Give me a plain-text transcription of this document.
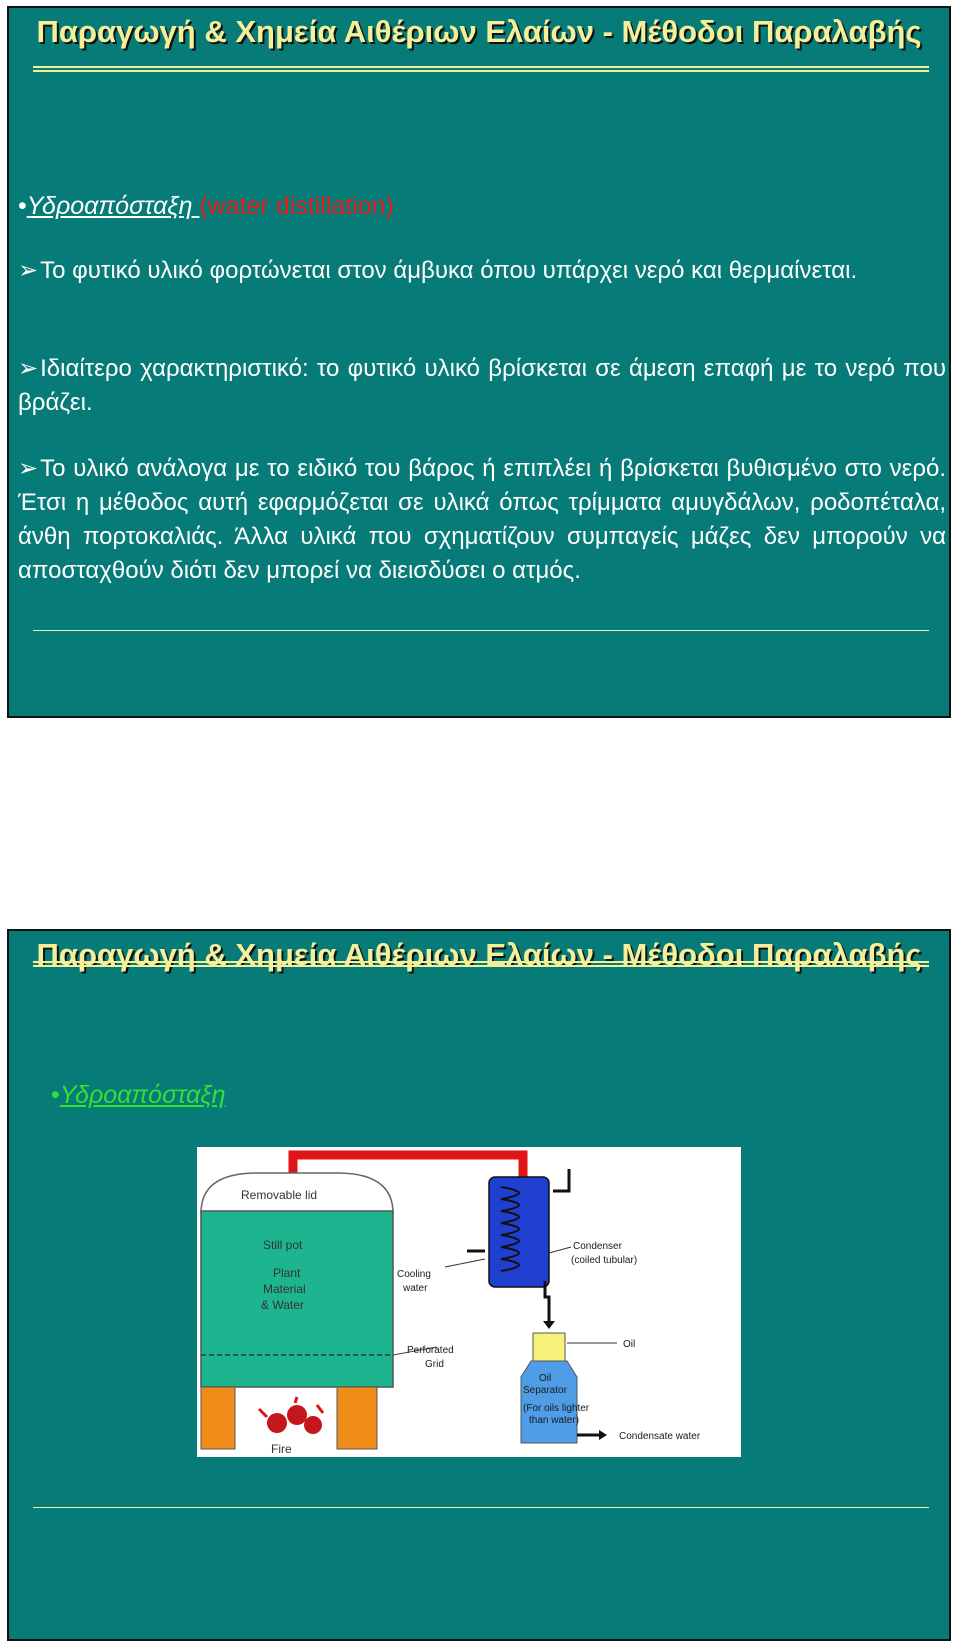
Παραγωγή & Χημεία Αιθέριων Ελαίων - Μέθοδοι Παραλαβής
•Υδροαπόσταξη (water distillation)

➢Το φυτικό υλικό φορτώνεται στον άμβυκα όπου υπάρχει νερό και θερμαίνεται.

➢Ιδιαίτερο χαρακτηριστικό: το φυτικό υλικό βρίσκεται σε άμεση επαφή με το νερό που βράζει.

➢Το υλικό ανάλογα με το ειδικό του βάρος ή επιπλέει ή βρίσκεται βυθισμένο στο νερό. Έτσι η μέθοδος αυτή εφαρμόζεται σε υλικά όπως τρίμματα αμυγδάλων, ροδοπέταλα, άνθη πορτοκαλιάς. Άλλα υλικά που σχηματίζουν συμπαγείς μάζες δεν μπορούν να αποσταχθούν διότι δεν μπορεί να διεισδύσει ο ατμός.

Παραγωγή & Χημεία Αιθέριων Ελαίων - Μέθοδοι Παραλαβής
•Υδροαπόσταξη
Removable lid
Still pot
Plant
Material
& Water
Perforated
Grid
Fire
Cooling
water
Condenser
(coiled tubular)
Oil
Oil
Separator
(For oils lighter
than water)
Condensate water
